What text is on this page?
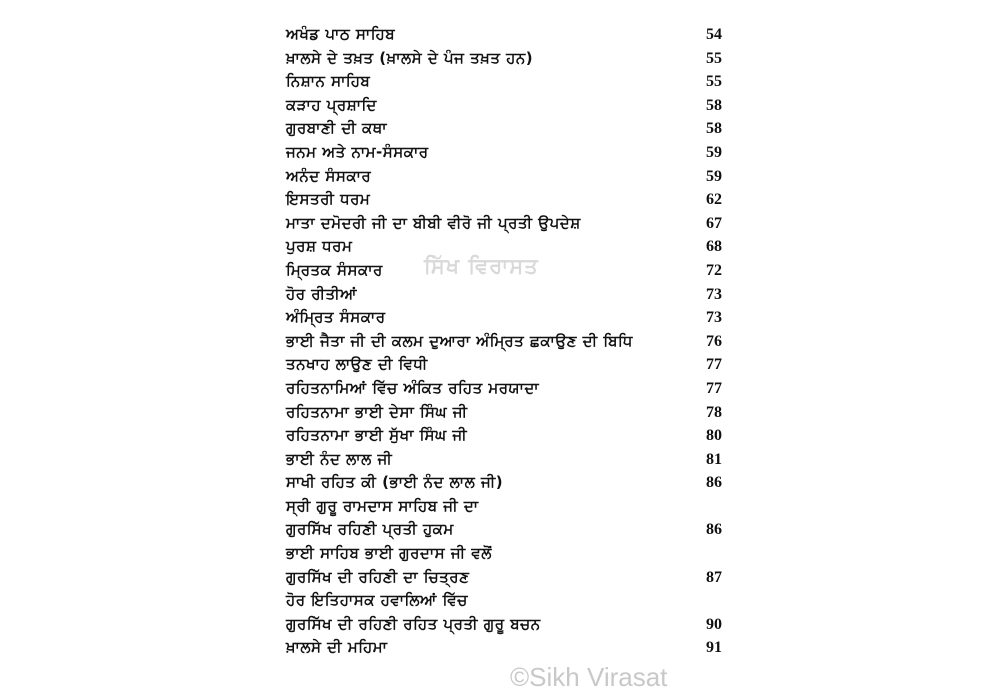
ਅਖੰਡ ਪਾਠ ਸਾਹਿਬ	54
ਖ਼ਾਲਸੇ ਦੇ ਤਖ਼ਤ (ਖ਼ਾਲਸੇ ਦੇ ਪੰਜ ਤਖ਼ਤ ਹਨ)	55
ਨਿਸ਼ਾਨ ਸਾਹਿਬ	55
ਕੜਾਹ ਪ੍ਰਸ਼ਾਦਿ	58
ਗੁਰਬਾਣੀ ਦੀ ਕਥਾ	58
ਜਨਮ ਅਤੇ ਨਾਮ-ਸੰਸਕਾਰ	59
ਅਨੰਦ ਸੰਸਕਾਰ	59
ਇਸਤਰੀ ਧਰਮ	62
ਮਾਤਾ ਦਮੋਦਰੀ ਜੀ ਦਾ ਬੀਬੀ ਵੀਰੋ ਜੀ ਪ੍ਰਤੀ ਉਪਦੇਸ਼	67
ਪੁਰਸ਼ ਧਰਮ	68
ਮ੍ਰਿਤਕ ਸੰਸਕਾਰ	72
ਹੋਰ ਰੀਤੀਆਂ	73
ਅੰਮ੍ਰਿਤ ਸੰਸਕਾਰ	73
ਭਾਈ ਜੈਤਾ ਜੀ ਦੀ ਕਲਮ ਦੁਆਰਾ ਅੰਮ੍ਰਿਤ ਛਕਾਉਣ ਦੀ ਬਿਧਿ	76
ਤਨਖਾਹ ਲਾਉਣ ਦੀ ਵਿਧੀ	77
ਰਹਿਤਨਾਮਿਆਂ ਵਿੱਚ ਅੰਕਿਤ ਰਹਿਤ ਮਰਯਾਦਾ	77
ਰਹਿਤਨਾਮਾ ਭਾਈ ਦੇਸਾ ਸਿੰਘ ਜੀ	78
ਰਹਿਤਨਾਮਾ ਭਾਈ ਸੁੱਖਾ ਸਿੰਘ ਜੀ	80
ਭਾਈ ਨੰਦ ਲਾਲ ਜੀ	81
ਸਾਖੀ ਰਹਿਤ ਕੀ (ਭਾਈ ਨੰਦ ਲਾਲ ਜੀ)	86
ਸ੍ਰੀ ਗੁਰੂ ਰਾਮਦਾਸ ਸਾਹਿਬ ਜੀ ਦਾ
ਗੁਰਸਿੱਖ ਰਹਿਣੀ ਪ੍ਰਤੀ ਹੁਕਮ	86
ਭਾਈ ਸਾਹਿਬ ਭਾਈ ਗੁਰਦਾਸ ਜੀ ਵਲੋਂ
ਗੁਰਸਿੱਖ ਦੀ ਰਹਿਣੀ ਦਾ ਚਿਤ੍ਰਣ	87
ਹੋਰ ਇਤਿਹਾਸਕ ਹਵਾਲਿਆਂ ਵਿੱਚ
ਗੁਰਸਿੱਖ ਦੀ ਰਹਿਣੀ ਰਹਿਤ ਪ੍ਰਤੀ ਗੁਰੂ ਬਚਨ	90
ਖ਼ਾਲਸੇ ਦੀ ਮਹਿਮਾ	91
ਸਿੱਖ ਵਿਰਾਸਤ
©Sikh Virasat
